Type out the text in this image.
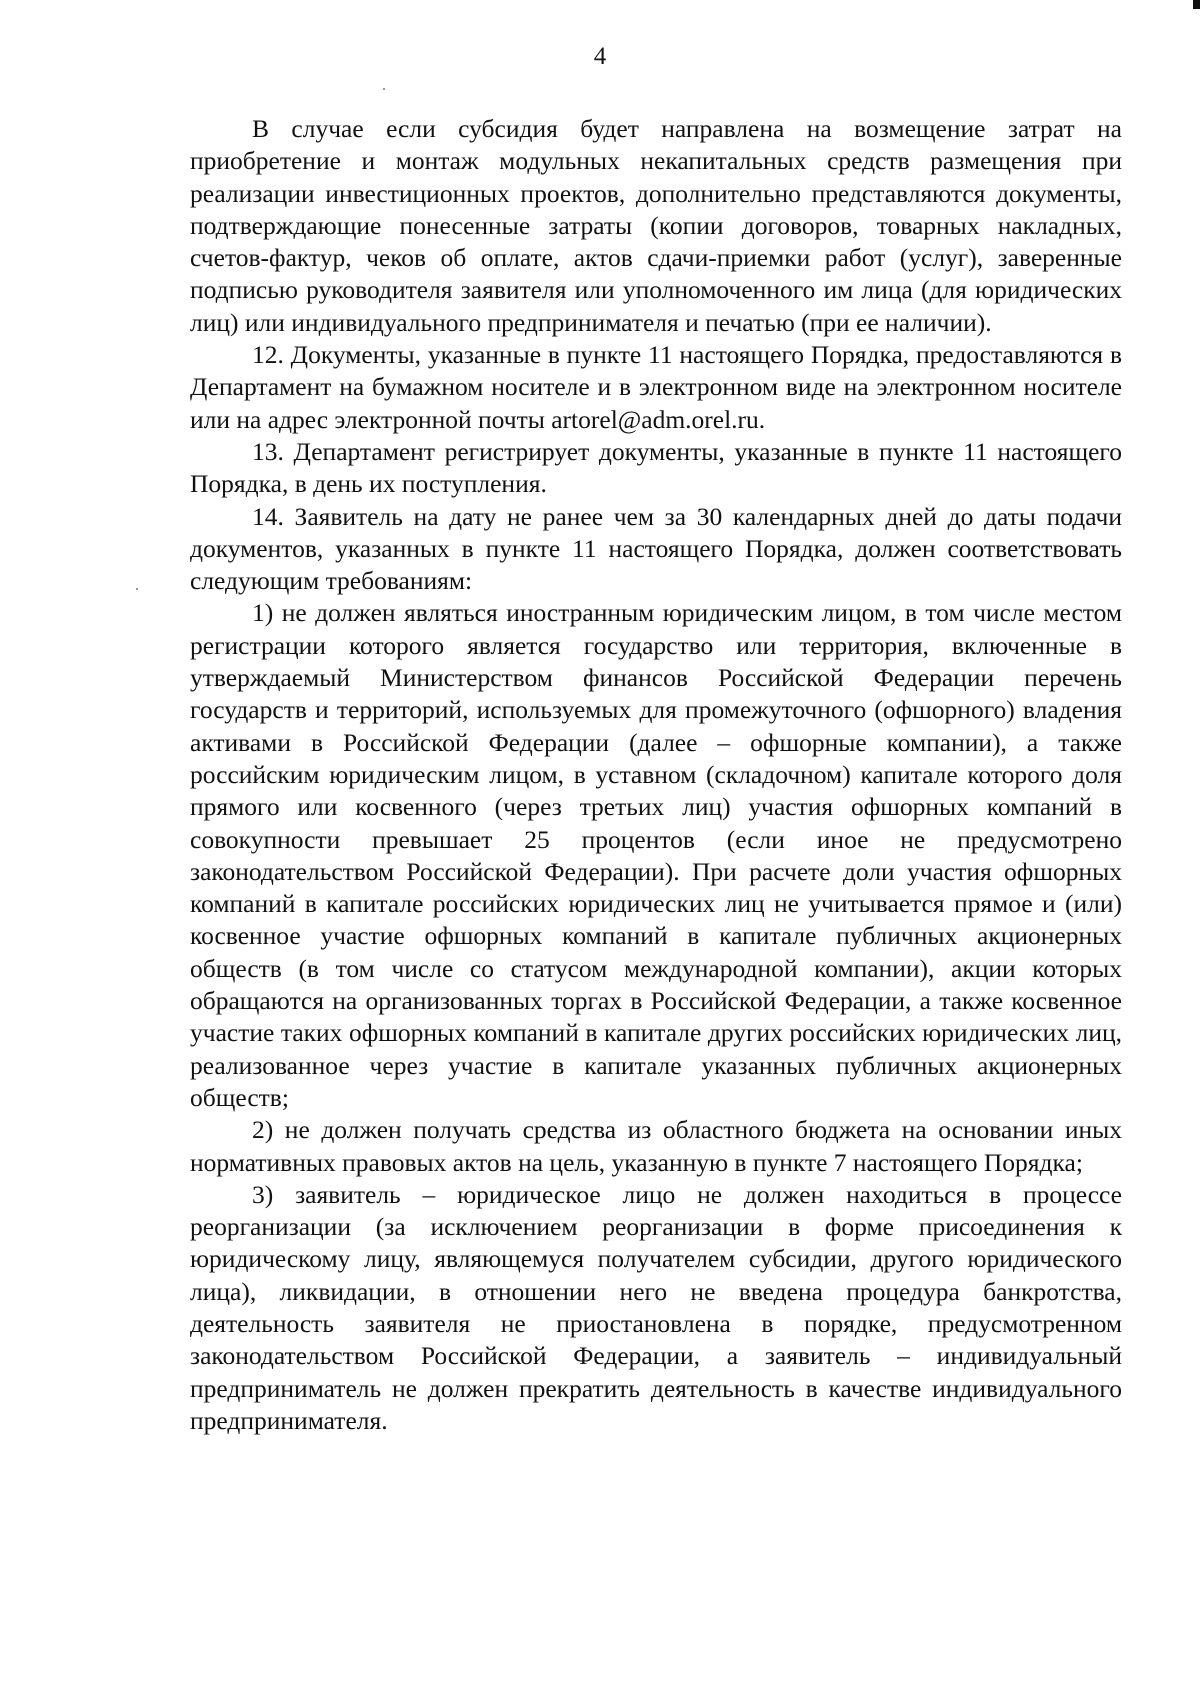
4

В случае если субсидия будет направлена на возмещение затрат на приобретение и монтаж модульных некапитальных средств размещения при реализации инвестиционных проектов, дополнительно представляются документы, подтверждающие понесенные затраты (копии договоров, товарных накладных, счетов-фактур, чеков об оплате, актов сдачи-приемки работ (услуг), заверенные подписью руководителя заявителя или уполномоченного им лица (для юридических лиц) или индивидуального предпринимателя и печатью (при ее наличии).

12. Документы, указанные в пункте 11 настоящего Порядка, предоставляются в Департамент на бумажном носителе и в электронном виде на электронном носителе или на адрес электронной почты artorel@adm.orel.ru.

13. Департамент регистрирует документы, указанные в пункте 11 настоящего Порядка, в день их поступления.

14. Заявитель на дату не ранее чем за 30 календарных дней до даты подачи документов, указанных в пункте 11 настоящего Порядка, должен соответствовать следующим требованиям:

1) не должен являться иностранным юридическим лицом, в том числе местом регистрации которого является государство или территория, включенные в утверждаемый Министерством финансов Российской Федерации перечень государств и территорий, используемых для промежуточного (офшорного) владения активами в Российской Федерации (далее – офшорные компании), а также российским юридическим лицом, в уставном (складочном) капитале которого доля прямого или косвенного (через третьих лиц) участия офшорных компаний в совокупности превышает 25 процентов (если иное не предусмотрено законодательством Российской Федерации). При расчете доли участия офшорных компаний в капитале российских юридических лиц не учитывается прямое и (или) косвенное участие офшорных компаний в капитале публичных акционерных обществ (в том числе со статусом международной компании), акции которых обращаются на организованных торгах в Российской Федерации, а также косвенное участие таких офшорных компаний в капитале других российских юридических лиц, реализованное через участие в капитале указанных публичных акционерных обществ;

2) не должен получать средства из областного бюджета на основании иных нормативных правовых актов на цель, указанную в пункте 7 настоящего Порядка;

3) заявитель – юридическое лицо не должен находиться в процессе реорганизации (за исключением реорганизации в форме присоединения к юридическому лицу, являющемуся получателем субсидии, другого юридического лица), ликвидации, в отношении него не введена процедура банкротства, деятельность заявителя не приостановлена в порядке, предусмотренном законодательством Российской Федерации, а заявитель – индивидуальный предприниматель не должен прекратить деятельность в качестве индивидуального предпринимателя.
